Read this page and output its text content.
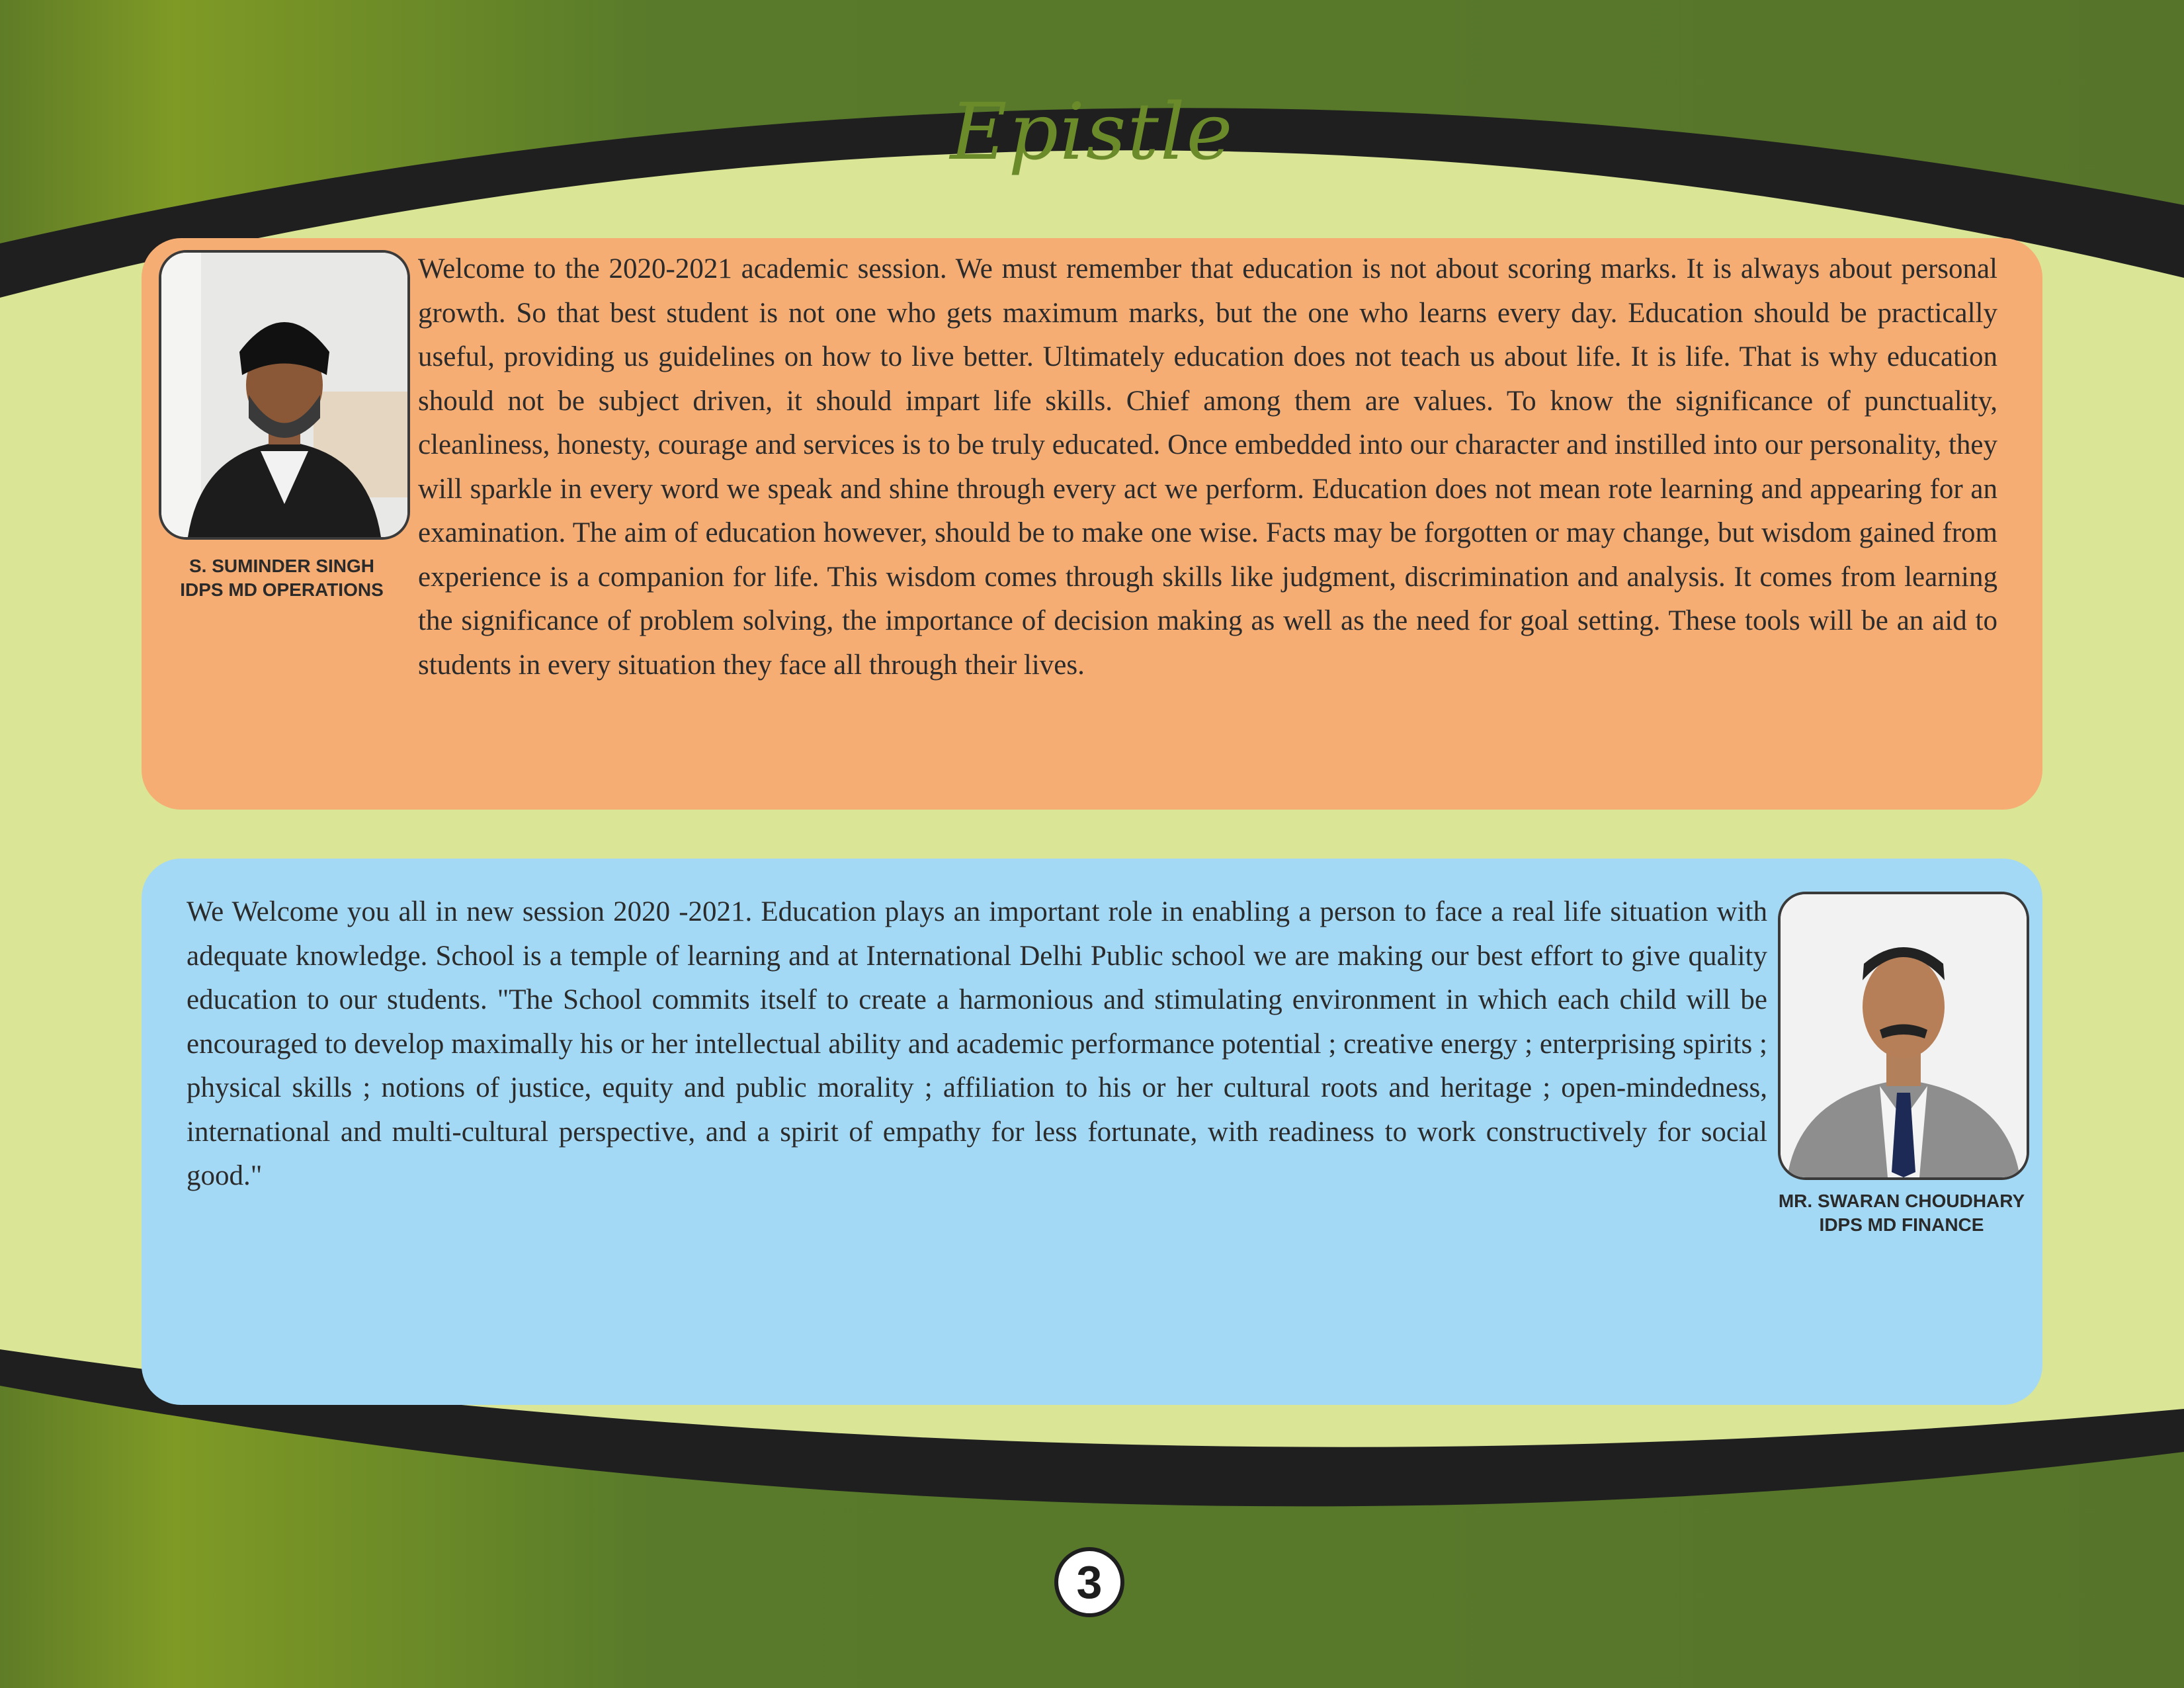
Epistle
S. SUMINDER SINGH
IDPS MD OPERATIONS
Welcome to the 2020-2021 academic session. We must remember that education is not about scoring marks. It is always about personal growth. So that best student is not one who gets maximum marks, but the one who learns every day. Education should be practically useful, providing us guidelines on how to live better. Ultimately education does not teach us about life. It is life. That is why education should not be subject driven, it should impart life skills. Chief among them are values. To know the significance of punctuality, cleanliness, honesty, courage and services is to be truly educated. Once embedded into our character and instilled into our personality, they will sparkle in every word we speak and shine through every act we perform. Education does not mean rote learning and appearing for an examination. The aim of education however, should be to make one wise. Facts may be forgotten or may change, but wisdom gained from experience is a companion for life. This wisdom comes through skills like judgment, discrimination and analysis. It comes from learning the significance of problem solving, the importance of decision making as well as the need for goal setting. These tools will be an aid to students in every situation they face all through their lives.
We Welcome you all in new session 2020 -2021. Education plays an important role in enabling a person to face a real life situation with adequate knowledge. School is a temple of learning and at International Delhi Public school we are making our best effort to give quality education to our students. "The School commits itself to create a harmonious and stimulating environment in which each child will be encouraged to develop maximally his or her intellectual ability and academic performance potential ; creative energy ; enterprising spirits ; physical skills ; notions of justice, equity and public morality ; affiliation to his or her cultural roots and heritage ; open-mindedness, international and multi-cultural perspective, and a spirit of empathy for less fortunate, with readiness to work constructively for social good."
MR. SWARAN CHOUDHARY
IDPS MD FINANCE
3
